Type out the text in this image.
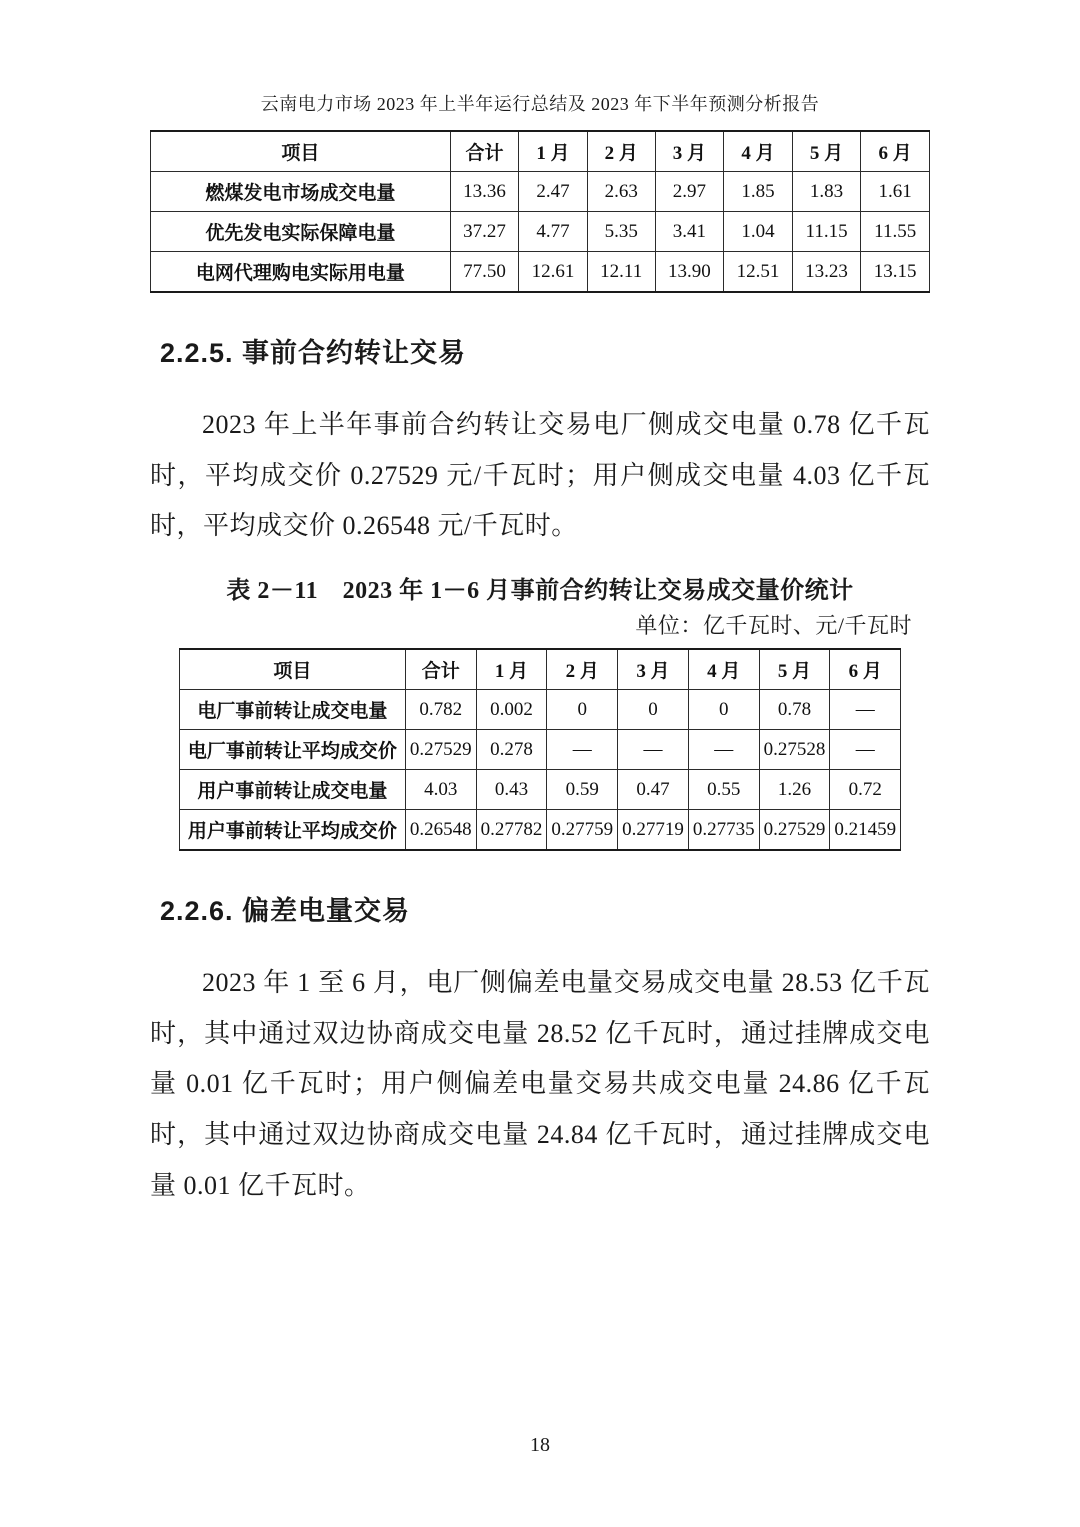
云南电力市场 2023 年上半年运行总结及 2023 年下半年预测分析报告
项目	合计	1 月	2 月	3 月	4 月	5 月	6 月
燃煤发电市场成交电量	13.36	2.47	2.63	2.97	1.85	1.83	1.61
优先发电实际保障电量	37.27	4.77	5.35	3.41	1.04	11.15	11.55
电网代理购电实际用电量	77.50	12.61	12.11	13.90	12.51	13.23	13.15
2.2.5. 事前合约转让交易

2023 年上半年事前合约转让交易电厂侧成交电量 0.78 亿千瓦时，平均成交价 0.27529 元/千瓦时；用户侧成交电量 4.03 亿千瓦时，平均成交价 0.26548 元/千瓦时。

表 2－11　2023 年 1－6 月事前合约转让交易成交量价统计
单位：亿千瓦时、元/千瓦时
项目	合计	1 月	2 月	3 月	4 月	5 月	6 月
电厂事前转让成交电量	0.782	0.002	0	0	0	0.78	—
电厂事前转让平均成交价	0.27529	0.278	—	—	—	0.27528	—
用户事前转让成交电量	4.03	0.43	0.59	0.47	0.55	1.26	0.72
用户事前转让平均成交价	0.26548	0.27782	0.27759	0.27719	0.27735	0.27529	0.21459
2.2.6. 偏差电量交易

2023 年 1 至 6 月，电厂侧偏差电量交易成交电量 28.53 亿千瓦时，其中通过双边协商成交电量 28.52 亿千瓦时，通过挂牌成交电量 0.01 亿千瓦时；用户侧偏差电量交易共成交电量 24.86 亿千瓦时，其中通过双边协商成交电量 24.84 亿千瓦时，通过挂牌成交电量 0.01 亿千瓦时。

18
